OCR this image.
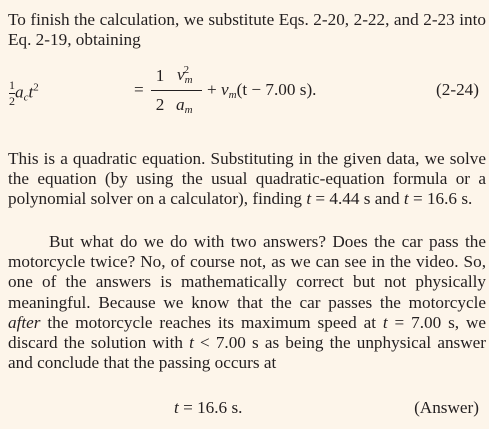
To finish the calculation, we substitute Eqs. 2-20, 2-22, and 2-23 into Eq. 2-19, obtaining

$\frac{1}{2} a_ct^2$	=
1
2
$v_m^2$
$a_m$
+ $v_m(t - 7.00$ s).	(2-24)

This is a quadratic equation. Substituting in the given data, we solve the equation (by using the usual quadratic-equation formula or a polynomial solver on a calculator), finding t = 4.44 s and t = 16.6 s.

But what do we do with two answers? Does the car pass the motorcycle twice? No, of course not, as we can see in the video. So, one of the answers is mathematically correct but not physically meaningful. Because we know that the car passes the motorcycle after the motorcycle reaches its maximum speed at t = 7.00 s, we discard the solution with t < 7.00 s as being the unphysical answer and conclude that the passing occurs at

t = 16.6 s.	(Answer)
